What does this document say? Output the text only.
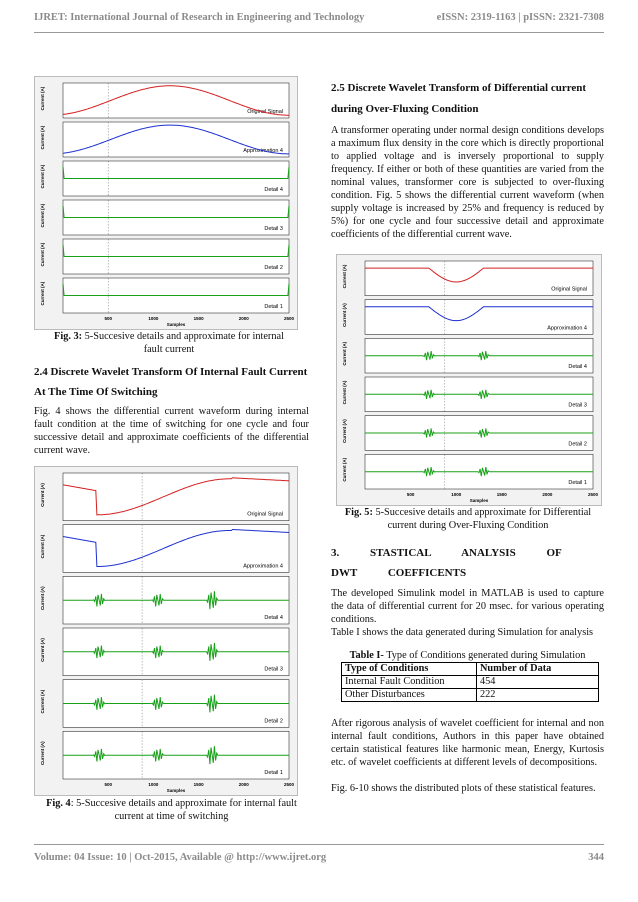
IJRET: International Journal of Research in Engineering and Technology	eISSN: 2319-1163 | pISSN: 2321-7308
Current (A)
Original Signal
Current (A)
Approximation 4
Current (A)
Detail 4
Current (A)
Detail 3
Current (A)
Detail 2
Current (A)
Detail 1
500	1000	1500	2000	2500
Samples
Fig. 3: 5-Succesive details and approximate for internal fault current
2.4 Discrete Wavelet Transform Of Internal Fault Current At The Time Of Switching

Fig. 4 shows the differential current waveform during internal fault condition at the time of switching for one cycle and four successive detail and approximate coefficients of the differential current wave.

Current (A)
Original Signal
Current (A)
Approximation 4
Current (A)
Detail 4
Current (A)
Detail 3
Current (A)
Detail 2
Current (A)
Detail 1
500	1000	1500	2000	2500
Samples
Fig. 4: 5-Succesive details and approximate for internal fault current at time of switching
2.5 Discrete Wavelet Transform of Differential current during Over-Fluxing Condition

A transformer operating under normal design conditions develops a maximum flux density in the core which is directly proportional to applied voltage and is inversely proportional to supply frequency. If either or both of these quantities are varied from the nominal values, transformer core is subjected to over-fluxing condition. Fig. 5 shows the differential current waveform (when supply voltage is increased by 25% and frequency is reduced by 5%) for one cycle and four successive detail and approximate coefficients of the differential current wave.

Current (A)
Original Signal
Current (A)
Approximation 4
Current (A)
Detail 4
Current (A)
Detail 3
Current (A)
Detail 2
Current (A)
Detail 1
500	1000	1500	2000	2500
Samples
Fig. 5: 5-Succesive details and approximate for Differential current during Over-Fluxing Condition
3. STASTICAL ANALYSIS OF DWT COEFFICENTS

The developed Simulink model in MATLAB is used to capture the data of differential current for 20 msec. for various operating conditions.

Table I shows the data generated during Simulation for analysis

Table I- Type of Conditions generated during Simulation
Type of Conditions	Number of Data
Internal Fault Condition	454
Other Disturbances	222

After rigorous analysis of wavelet coefficient for internal and non internal fault conditions, Authors in this paper have obtained certain statistical features like harmonic mean, Energy, Kurtosis etc. of wavelet coefficients at different levels of decompositions.

Fig. 6-10 shows the distributed plots of these statistical features.

Volume: 04 Issue: 10 | Oct-2015, Available @ http://www.ijret.org	344
